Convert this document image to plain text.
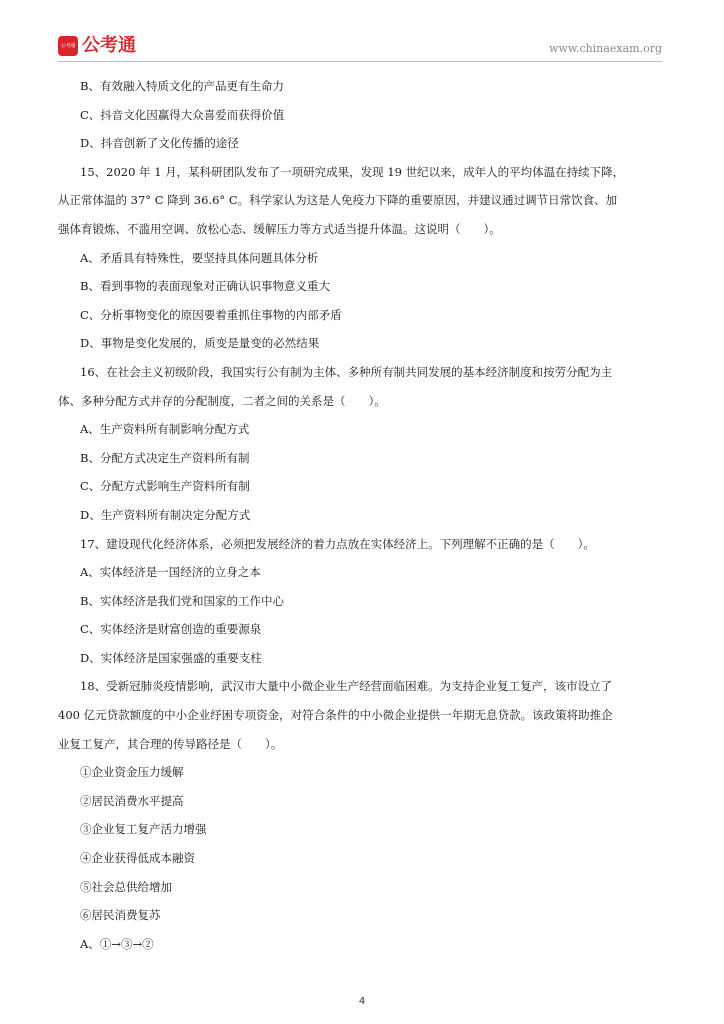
公考通 公考通	www.chinaexam.org
B、有效融入特质文化的产品更有生命力
C、抖音文化因赢得大众喜爱而获得价值
D、抖音创新了文化传播的途径
15、2020 年 1 月，某科研团队发布了一项研究成果，发现 19 世纪以来，成年人的平均体温在持续下降，
从正常体温的 37° C 降到 36.6° C。科学家认为这是人免疫力下降的重要原因，并建议通过调节日常饮食、加
强体育锻炼、不滥用空调、放松心态、缓解压力等方式适当提升体温。这说明（　　）。
A、矛盾具有特殊性，要坚持具体问题具体分析
B、看到事物的表面现象对正确认识事物意义重大
C、分析事物变化的原因要着重抓住事物的内部矛盾
D、事物是变化发展的，质变是量变的必然结果
16、在社会主义初级阶段，我国实行公有制为主体、多种所有制共同发展的基本经济制度和按劳分配为主
体、多种分配方式并存的分配制度，二者之间的关系是（　　）。
A、生产资料所有制影响分配方式
B、分配方式决定生产资料所有制
C、分配方式影响生产资料所有制
D、生产资料所有制决定分配方式
17、建设现代化经济体系，必须把发展经济的着力点放在实体经济上。下列理解不正确的是（　　）。
A、实体经济是一国经济的立身之本
B、实体经济是我们党和国家的工作中心
C、实体经济是财富创造的重要源泉
D、实体经济是国家强盛的重要支柱
18、受新冠肺炎疫情影响，武汉市大量中小微企业生产经营面临困难。为支持企业复工复产，该市设立了
400 亿元贷款额度的中小企业纾困专项资金，对符合条件的中小微企业提供一年期无息贷款。该政策将助推企
业复工复产，其合理的传导路径是（　　）。
①企业资金压力缓解
②居民消费水平提高
③企业复工复产活力增强
④企业获得低成本融资
⑤社会总供给增加
⑥居民消费复苏
A、①→③→②
4
